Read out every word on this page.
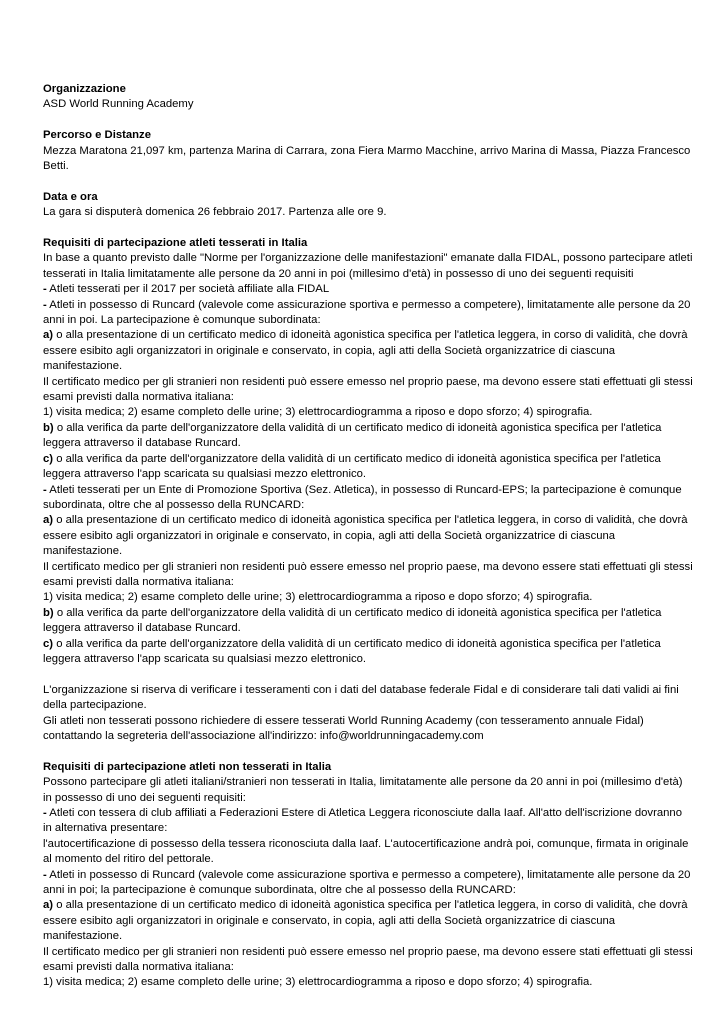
Organizzazione

ASD World Running Academy

Percorso e Distanze

Mezza Maratona 21,097 km, partenza Marina di Carrara, zona Fiera Marmo Macchine, arrivo Marina di Massa, Piazza Francesco Betti.

Data e ora

La gara si disputerà domenica 26 febbraio 2017. Partenza alle ore 9.

Requisiti di partecipazione atleti tesserati in Italia

In base a quanto previsto dalle "Norme per l'organizzazione delle manifestazioni" emanate dalla FIDAL, possono partecipare atleti tesserati in Italia limitatamente alle persone da 20 anni in poi (millesimo d'età) in possesso di uno dei seguenti requisiti

- Atleti tesserati per il 2017 per società affiliate alla FIDAL

- Atleti in possesso di Runcard (valevole come assicurazione sportiva e permesso a competere), limitatamente alle persone da 20 anni in poi. La partecipazione è comunque subordinata:

a) o alla presentazione di un certificato medico di idoneità agonistica specifica per l'atletica leggera, in corso di validità, che dovrà essere esibito agli organizzatori in originale e conservato, in copia, agli atti della Società organizzatrice di ciascuna manifestazione.

Il certificato medico per gli stranieri non residenti può essere emesso nel proprio paese, ma devono essere stati effettuati gli stessi esami previsti dalla normativa italiana:

1) visita medica; 2) esame completo delle urine; 3) elettrocardiogramma a riposo e dopo sforzo; 4) spirografia.

b) o alla verifica da parte dell'organizzatore della validità di un certificato medico di idoneità agonistica specifica per l'atletica leggera attraverso il database Runcard.

c) o alla verifica da parte dell'organizzatore della validità di un certificato medico di idoneità agonistica specifica per l'atletica leggera attraverso l'app scaricata su qualsiasi mezzo elettronico.

- Atleti tesserati per un Ente di Promozione Sportiva (Sez. Atletica), in possesso di Runcard-EPS; la partecipazione è comunque subordinata, oltre che al possesso della RUNCARD:

a) o alla presentazione di un certificato medico di idoneità agonistica specifica per l'atletica leggera, in corso di validità, che dovrà essere esibito agli organizzatori in originale e conservato, in copia, agli atti della Società organizzatrice di ciascuna manifestazione.

Il certificato medico per gli stranieri non residenti può essere emesso nel proprio paese, ma devono essere stati effettuati gli stessi esami previsti dalla normativa italiana:

1) visita medica; 2) esame completo delle urine; 3) elettrocardiogramma a riposo e dopo sforzo; 4) spirografia.

b) o alla verifica da parte dell'organizzatore della validità di un certificato medico di idoneità agonistica specifica per l'atletica leggera attraverso il database Runcard.

c) o alla verifica da parte dell'organizzatore della validità di un certificato medico di idoneità agonistica specifica per l'atletica leggera attraverso l'app scaricata su qualsiasi mezzo elettronico.

L'organizzazione si riserva di verificare i tesseramenti con i dati del database federale Fidal e di considerare tali dati validi ai fini della partecipazione.

Gli atleti non tesserati possono richiedere di essere tesserati World Running Academy (con tesseramento annuale Fidal) contattando la segreteria dell'associazione all'indirizzo: info@worldrunningacademy.com

Requisiti di partecipazione atleti non tesserati in Italia

Possono partecipare gli atleti italiani/stranieri non tesserati in Italia, limitatamente alle persone da 20 anni in poi (millesimo d'età) in possesso di uno dei seguenti requisiti:

- Atleti con tessera di club affiliati a Federazioni Estere di Atletica Leggera riconosciute dalla Iaaf. All'atto dell'iscrizione dovranno in alternativa presentare:

l'autocertificazione di possesso della tessera riconosciuta dalla Iaaf. L'autocertificazione andrà poi, comunque, firmata in originale al momento del ritiro del pettorale.

- Atleti in possesso di Runcard (valevole come assicurazione sportiva e permesso a competere), limitatamente alle persone da 20 anni in poi; la partecipazione è comunque subordinata, oltre che al possesso della RUNCARD:

a) o alla presentazione di un certificato medico di idoneità agonistica specifica per l'atletica leggera, in corso di validità, che dovrà essere esibito agli organizzatori in originale e conservato, in copia, agli atti della Società organizzatrice di ciascuna manifestazione.

Il certificato medico per gli stranieri non residenti può essere emesso nel proprio paese, ma devono essere stati effettuati gli stessi esami previsti dalla normativa italiana:

1) visita medica; 2) esame completo delle urine; 3) elettrocardiogramma a riposo e dopo sforzo; 4) spirografia.
